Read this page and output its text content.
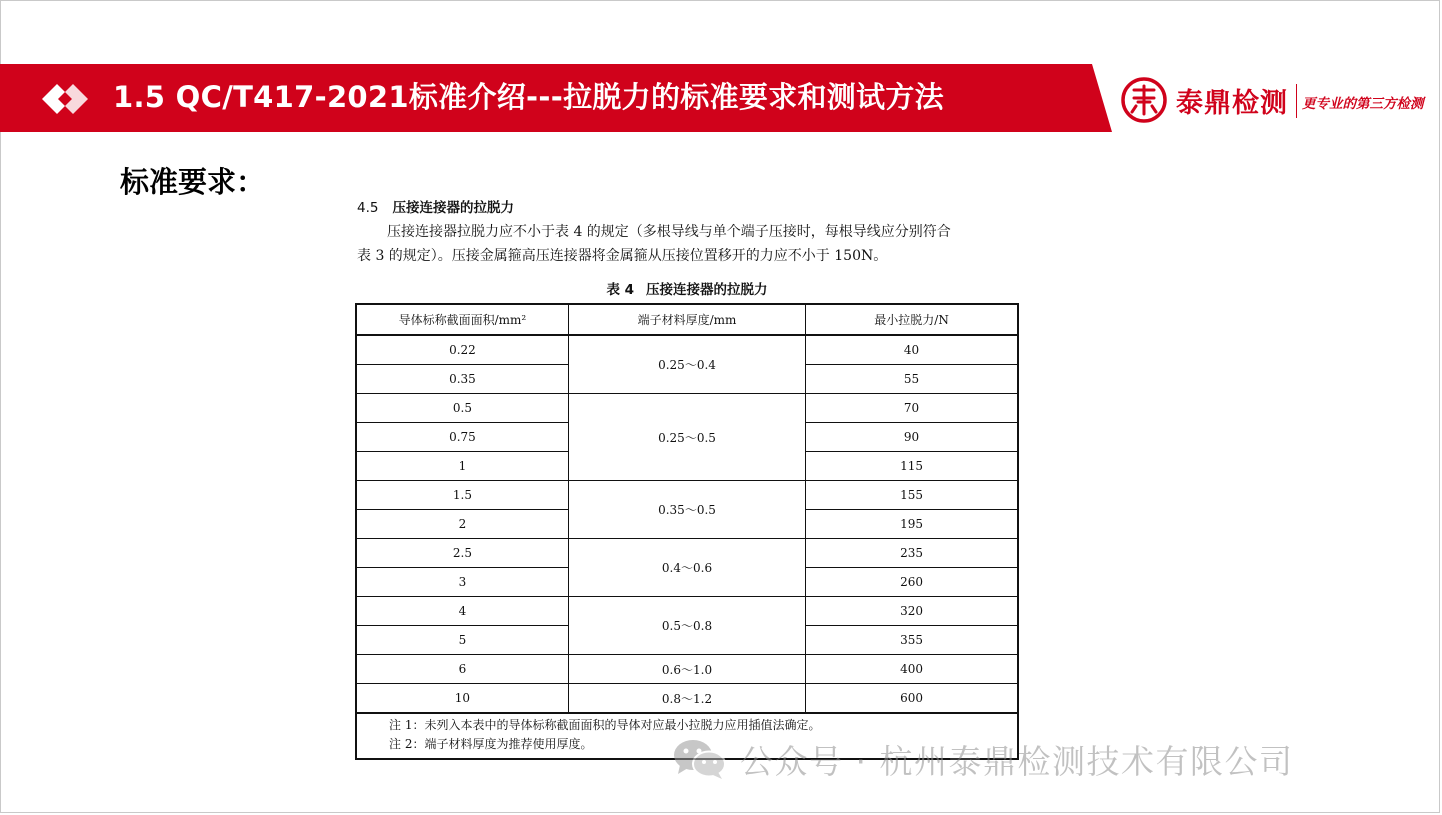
1.5 QC/T417-2021标准介绍---拉脱力的标准要求和测试方法	泰鼎检测 更专业的第三方检测
标准要求：
4.5 压接连接器的拉脱力
压接连接器拉脱力应不小于表 4 的规定（多根导线与单个端子压接时，每根导线应分别符合
表 3 的规定）。压接金属箍高压连接器将金属箍从压接位置移开的力应不小于 150N。
表 4 压接连接器的拉脱力
导体标称截面面积/mm²	端子材料厚度/mm	最小拉脱力/N
0.22	0.25～0.4	40
0.35		55
0.5	0.25～0.5	70
0.75		90
1		115
1.5	0.35～0.5	155
2		195
2.5	0.4～0.6	235
3		260
4	0.5～0.8	320
5		355
6	0.6～1.0	400
10	0.8～1.2	600

注 1：未列入本表中的导体标称截面面积的导体对应最小拉脱力应用插值法确定。
注 2：端子材料厚度为推荐使用厚度。			公众号 · 杭州泰鼎检测技术有限公司
